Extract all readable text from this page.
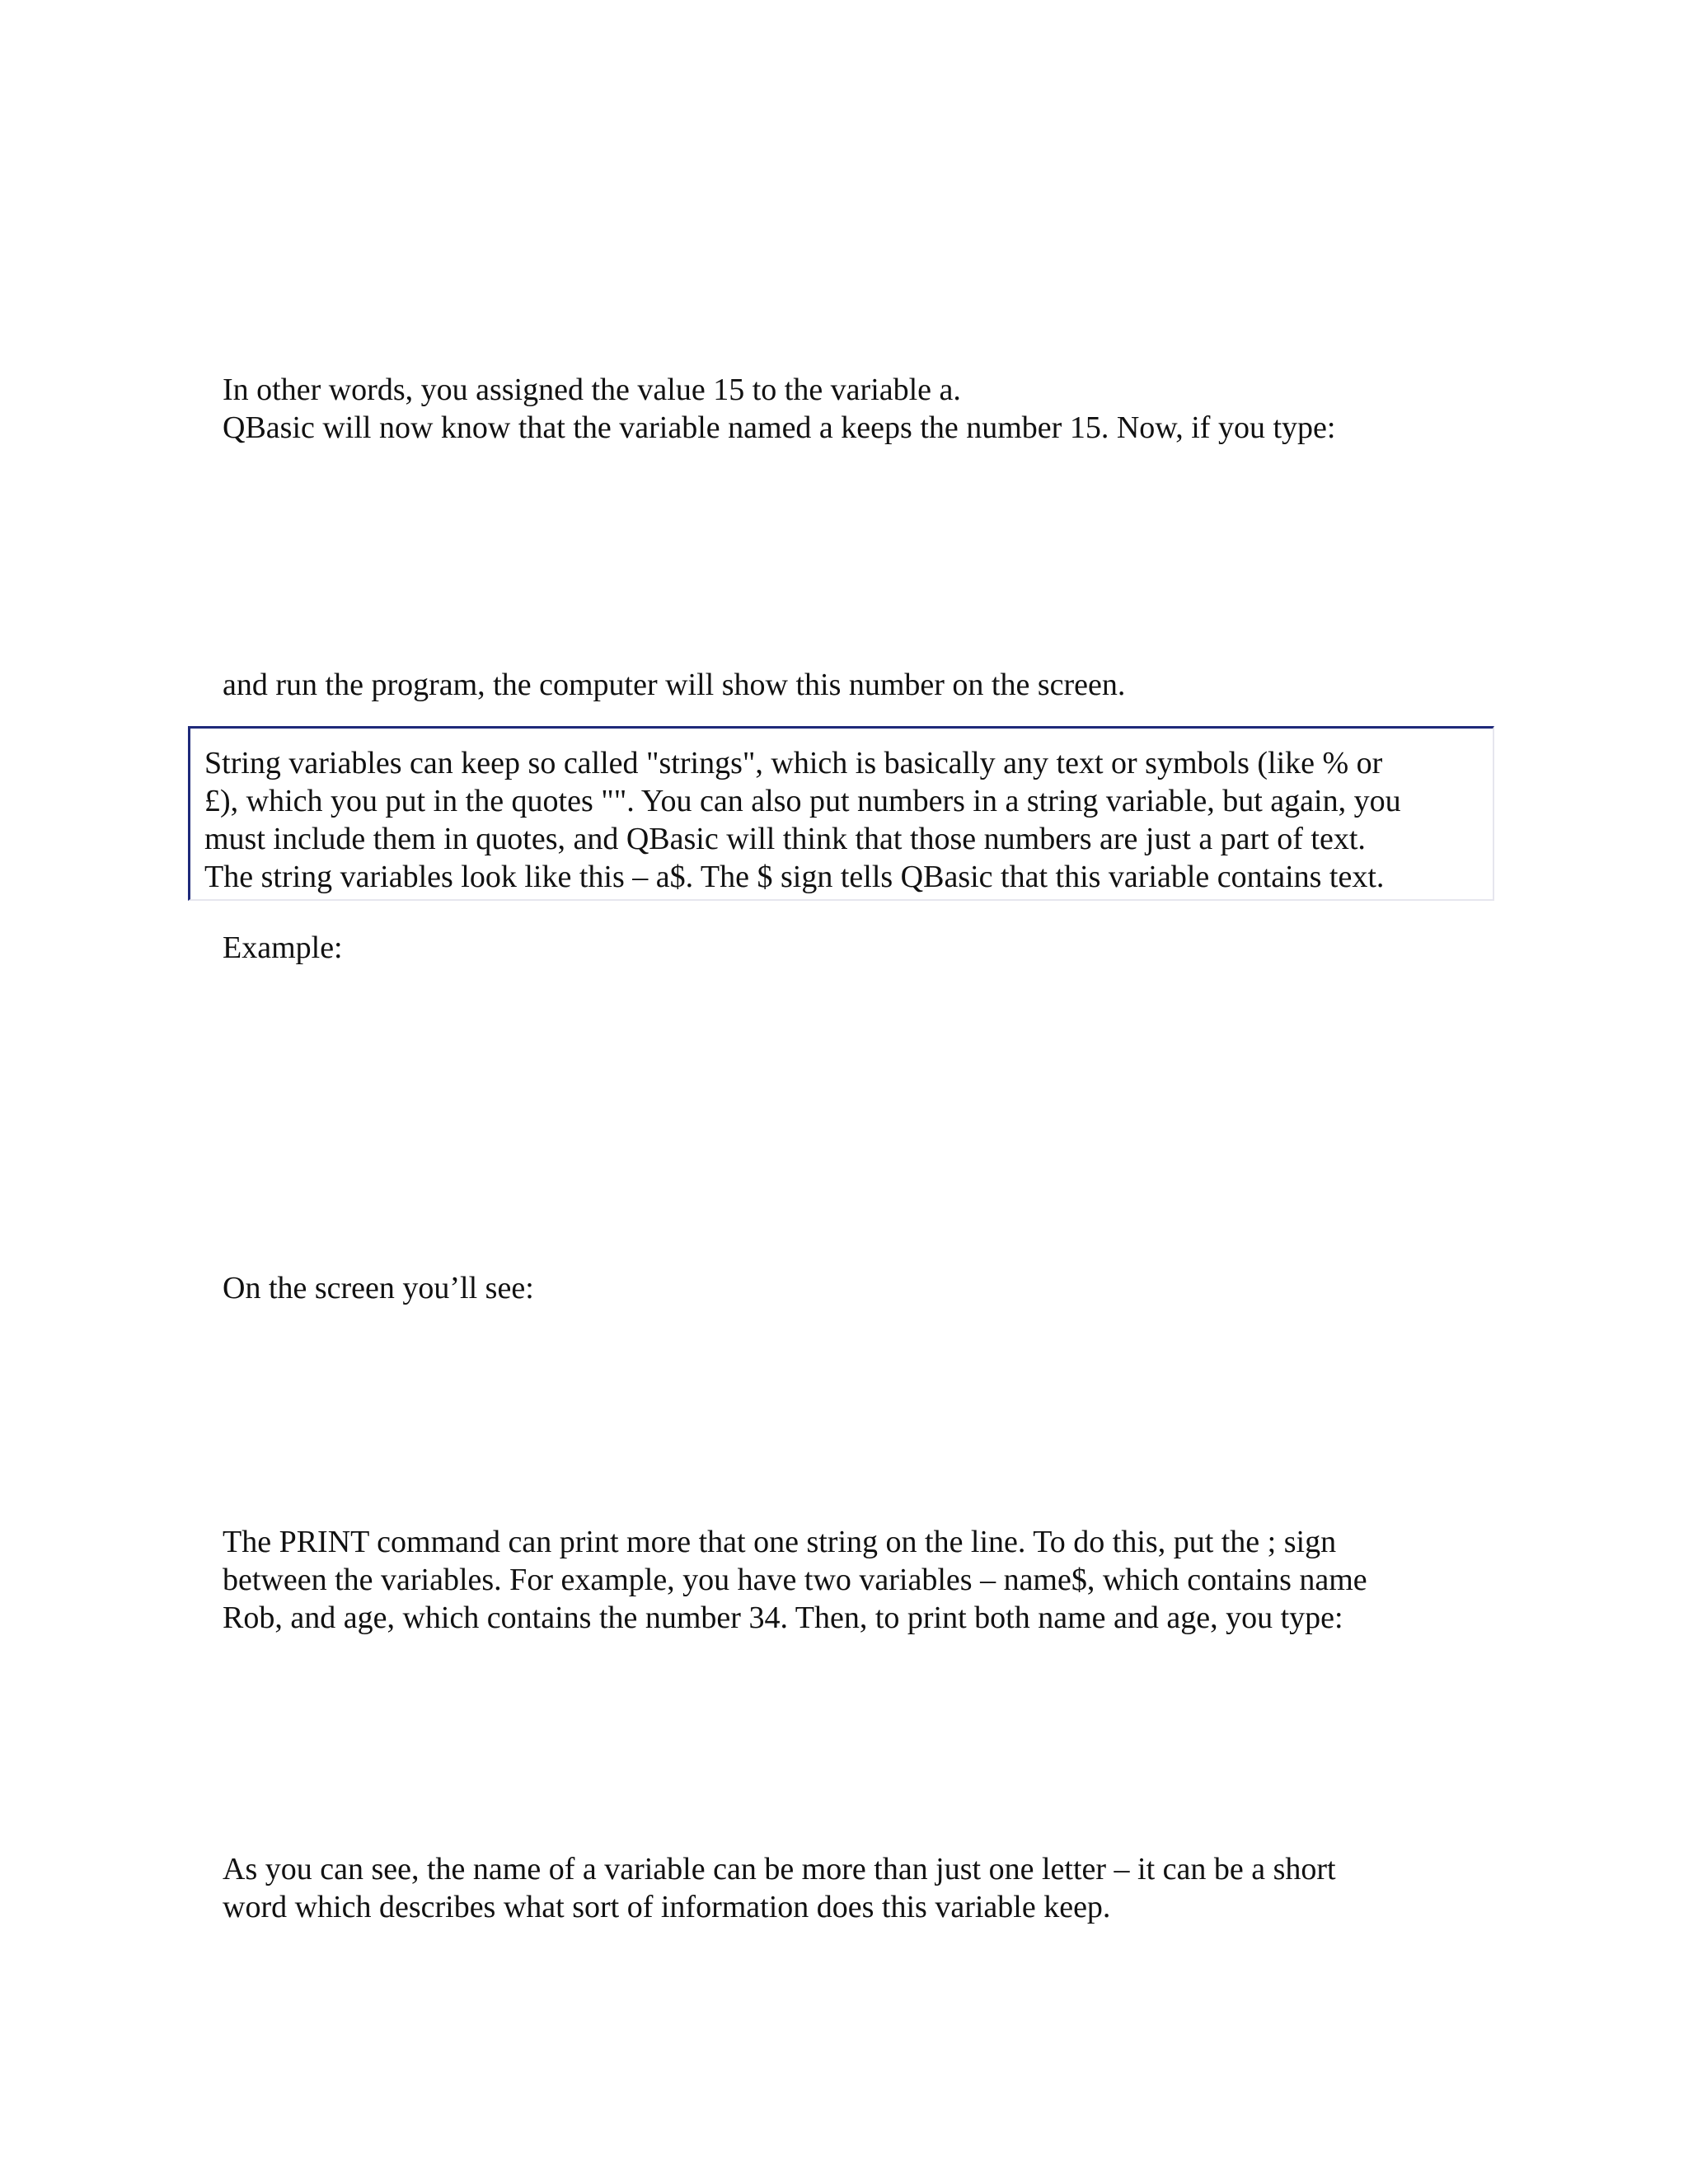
In other words, you assigned the value 15 to the variable a.
QBasic will now know that the variable named a keeps the number 15. Now, if you type:

and run the program, the computer will show this number on the screen.

String variables can keep so called "strings", which is basically any text or symbols (like % or
£), which you put in the quotes "". You can also put numbers in a string variable, but again, you
must include them in quotes, and QBasic will think that those numbers are just a part of text.
The string variables look like this – a$. The $ sign tells QBasic that this variable contains text.

Example:

On the screen you’ll see:

The PRINT command can print more that one string on the line. To do this, put the ; sign
between the variables. For example, you have two variables – name$, which contains name
Rob, and age, which contains the number 34. Then, to print both name and age, you type:

As you can see, the name of a variable can be more than just one letter – it can be a short
word which describes what sort of information does this variable keep.
